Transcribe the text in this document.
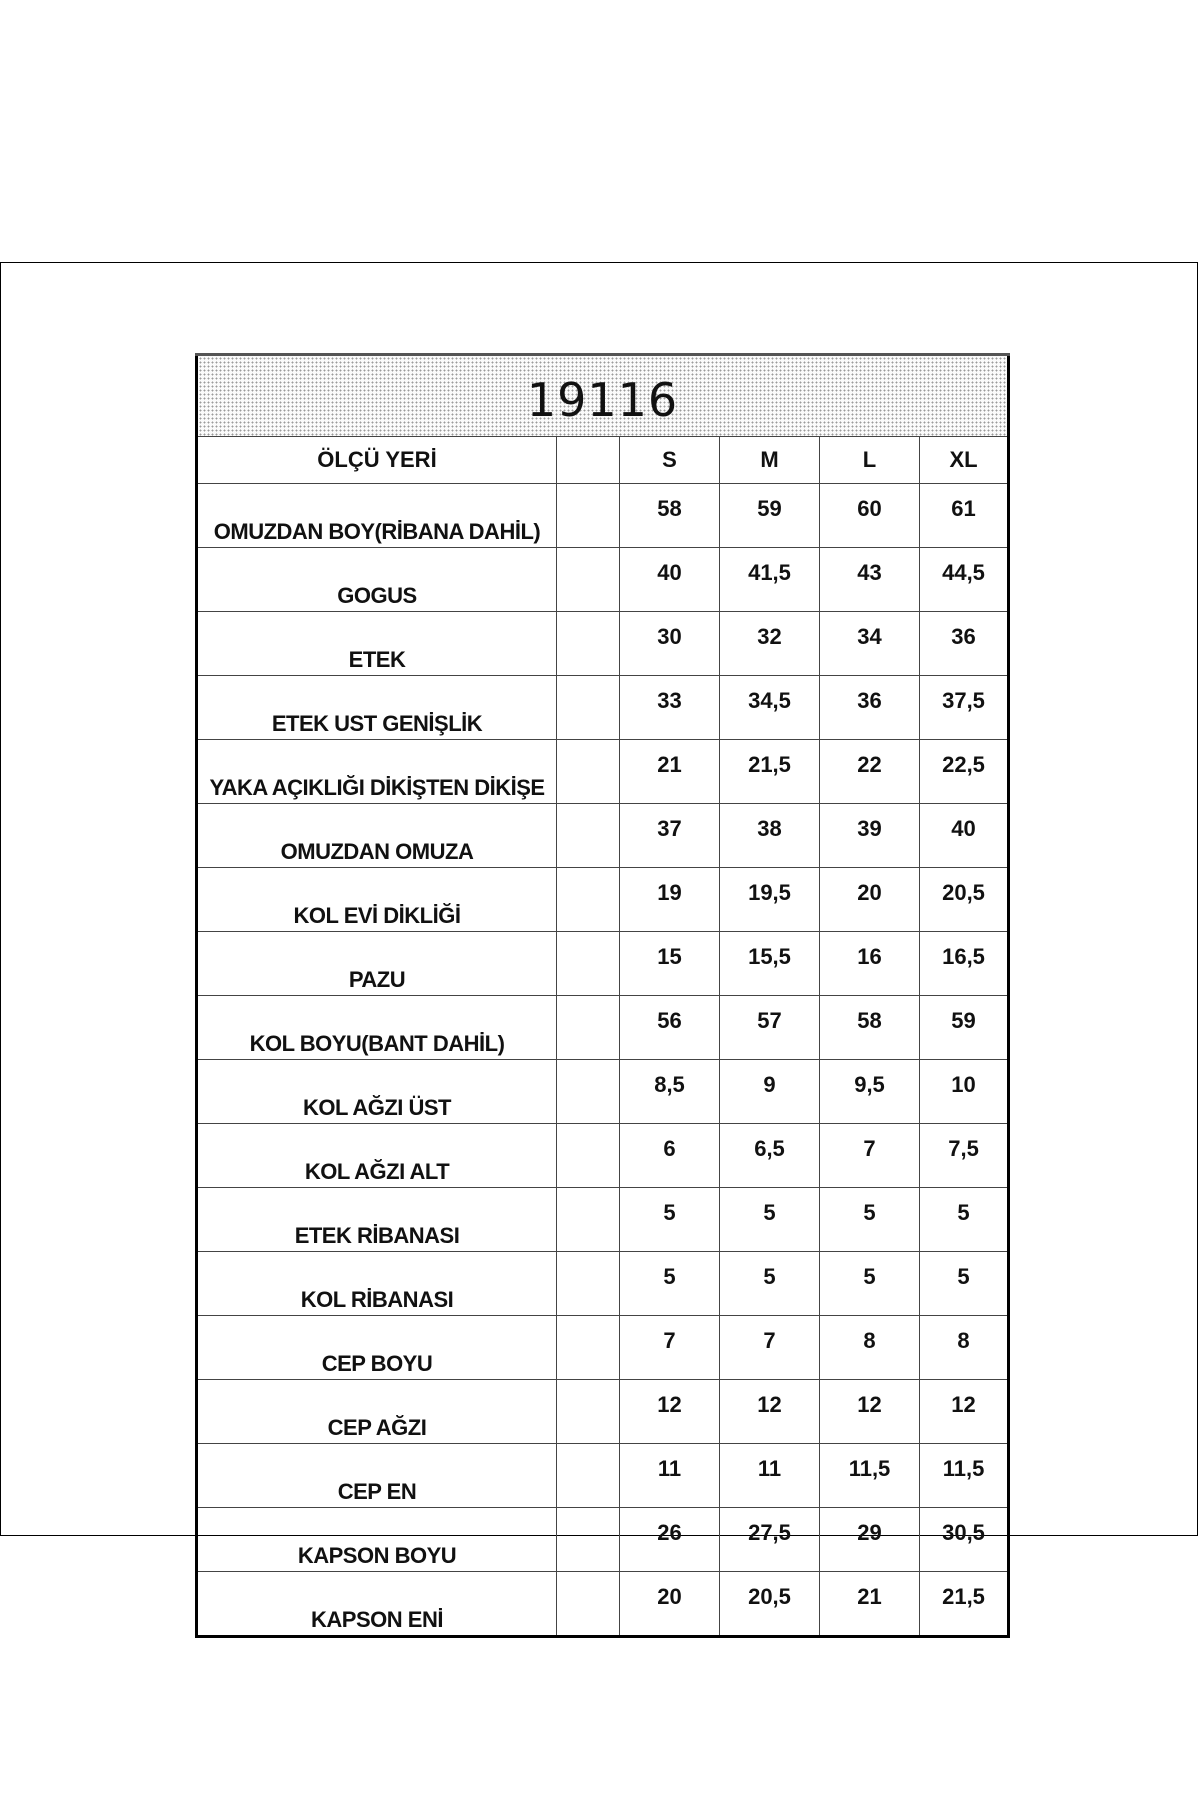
19116					
ÖLÇÜ YERİ		S	M	L	XL
OMUZDAN BOY(RİBANA DAHİL)		58	59	60	61
GOGUS		40	41,5	43	44,5
ETEK		30	32	34	36
ETEK UST GENİŞLİK		33	34,5	36	37,5
YAKA AÇIKLIĞI DİKİŞTEN DİKİŞE		21	21,5	22	22,5
OMUZDAN OMUZA		37	38	39	40
KOL EVİ DİKLİĞİ		19	19,5	20	20,5
PAZU		15	15,5	16	16,5
KOL BOYU(BANT DAHİL)		56	57	58	59
KOL AĞZI ÜST		8,5	9	9,5	10
KOL AĞZI ALT		6	6,5	7	7,5
ETEK RİBANASI		5	5	5	5
KOL RİBANASI		5	5	5	5
CEP BOYU		7	7	8	8
CEP AĞZI		12	12	12	12
CEP EN		11	11	11,5	11,5
KAPSON BOYU		26	27,5	29	30,5
KAPSON ENİ		20	20,5	21	21,5
